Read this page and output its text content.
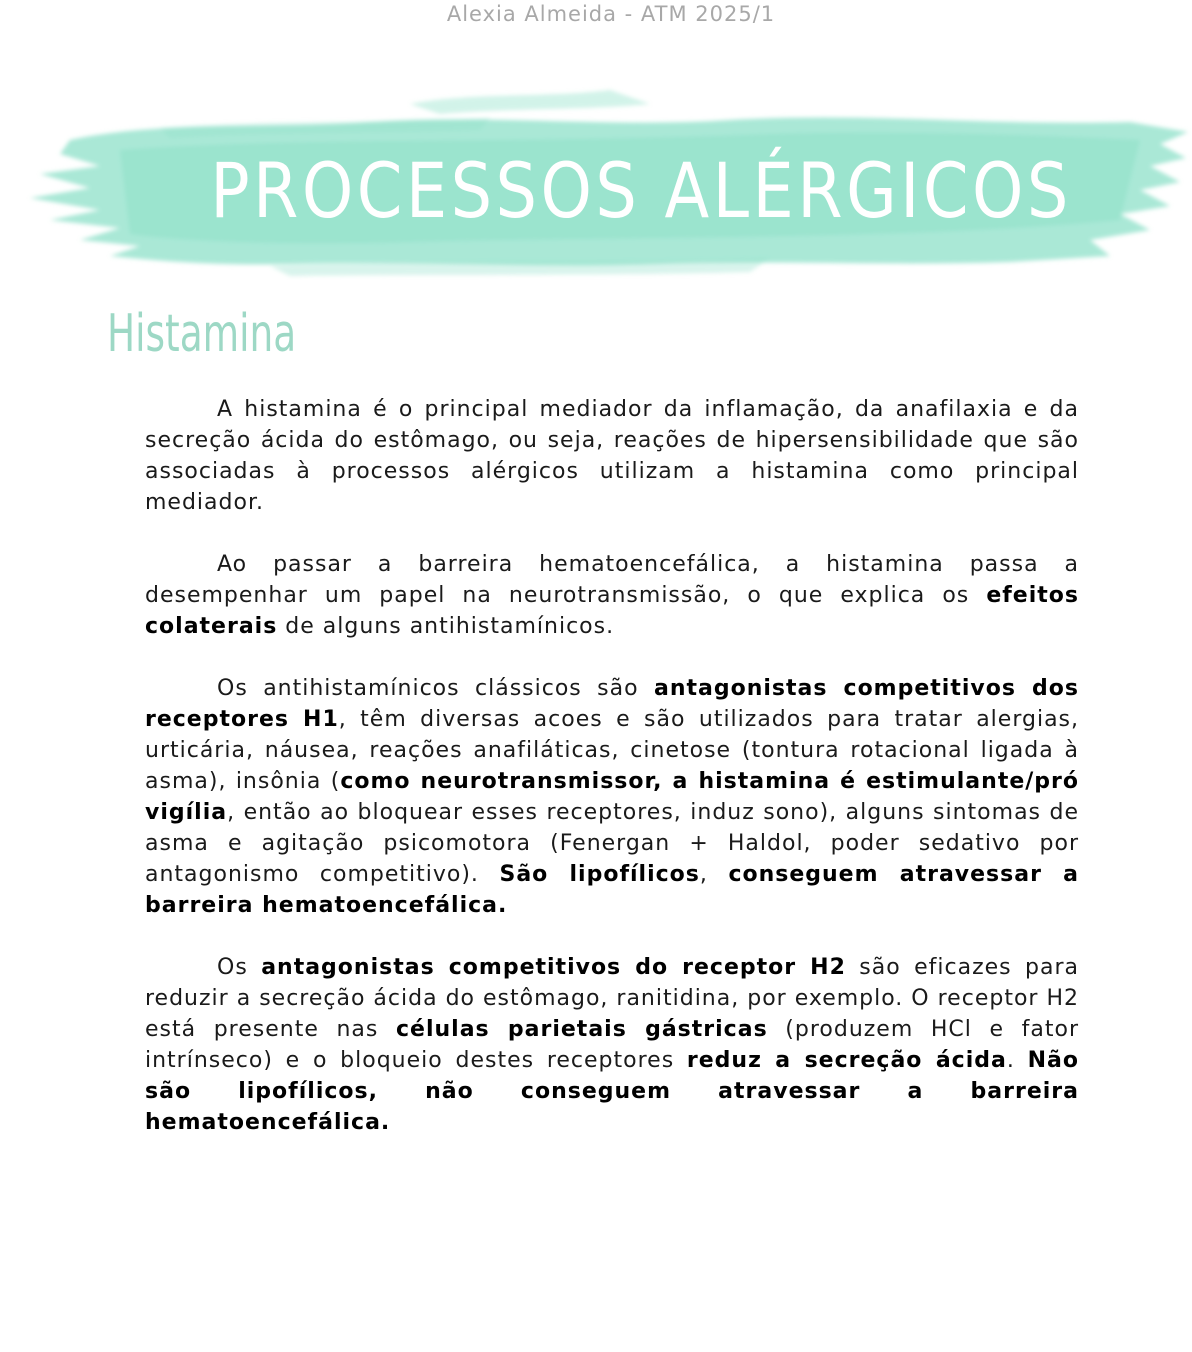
Alexia Almeida - ATM 2025/1
PROCESSOS ALÉRGICOS
Histamina

A histamina é o principal mediador da inflamação, da anafilaxia e da secreção ácida do estômago, ou seja, reações de hipersensibilidade que são associadas à processos alérgicos utilizam a histamina como principal mediador.

Ao passar a barreira hematoencefálica, a histamina passa a desempenhar um papel na neurotransmissão, o que explica os efeitos colaterais de alguns antihistamínicos.

Os antihistamínicos clássicos são antagonistas competitivos dos receptores H1, têm diversas acoes e são utilizados para tratar alergias, urticária, náusea, reações anafiláticas, cinetose (tontura rotacional ligada à asma), insônia (como neurotransmissor, a histamina é estimulante/pró vigília, então ao bloquear esses receptores, induz sono), alguns sintomas de asma e agitação psicomotora (Fenergan + Haldol, poder sedativo por antagonismo competitivo). São lipofílicos, conseguem atravessar a barreira hematoencefálica.

Os antagonistas competitivos do receptor H2 são eficazes para reduzir a secreção ácida do estômago, ranitidina, por exemplo. O receptor H2 está presente nas células parietais gástricas (produzem HCl e fator intrínseco) e o bloqueio destes receptores reduz a secreção ácida. Não são lipofílicos, não conseguem atravessar a barreira hematoencefálica.
